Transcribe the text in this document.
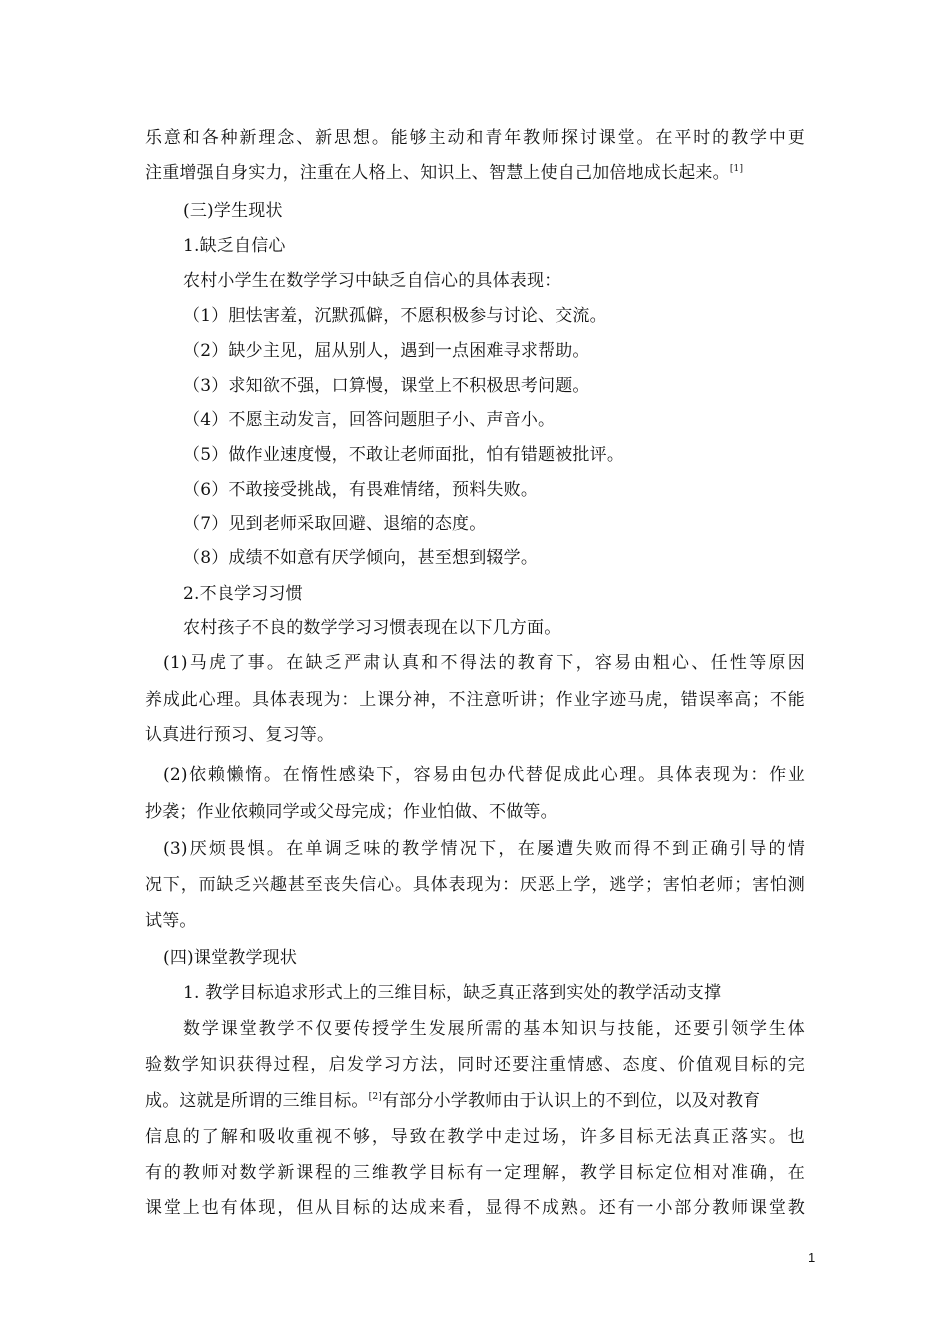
乐意和各种新理念、新思想。能够主动和青年教师探讨课堂。在平时的教学中更
注重增强自身实力，注重在人格上、知识上、智慧上使自己加倍地成长起来。[1]
(三)学生现状
1.缺乏自信心
农村小学生在数学学习中缺乏自信心的具体表现：
（1）胆怯害羞，沉默孤僻，不愿积极参与讨论、交流。
（2）缺少主见，屈从别人，遇到一点困难寻求帮助。
（3）求知欲不强，口算慢，课堂上不积极思考问题。
（4）不愿主动发言，回答问题胆子小、声音小。
（5）做作业速度慢，不敢让老师面批，怕有错题被批评。
（6）不敢接受挑战，有畏难情绪，预料失败。
（7）见到老师采取回避、退缩的态度。
（8）成绩不如意有厌学倾向，甚至想到辍学。
2.不良学习习惯
农村孩子不良的数学学习习惯表现在以下几方面。
(1)马虎了事。在缺乏严肃认真和不得法的教育下，容易由粗心、任性等原因
养成此心理。具体表现为：上课分神，不注意听讲；作业字迹马虎，错误率高；不能
认真进行预习、复习等。
(2)依赖懒惰。在惰性感染下，容易由包办代替促成此心理。具体表现为：作业
抄袭；作业依赖同学或父母完成；作业怕做、不做等。
(3)厌烦畏惧。在单调乏味的教学情况下，在屡遭失败而得不到正确引导的情
况下，而缺乏兴趣甚至丧失信心。具体表现为：厌恶上学，逃学；害怕老师；害怕测
试等。
(四)课堂教学现状
1. 教学目标追求形式上的三维目标，缺乏真正落到实处的教学活动支撑
数学课堂教学不仅要传授学生发展所需的基本知识与技能，还要引领学生体
验数学知识获得过程，启发学习方法，同时还要注重情感、态度、价值观目标的完
成。这就是所谓的三维目标。[2]有部分小学教师由于认识上的不到位，以及对教育
信息的了解和吸收重视不够，导致在教学中走过场，许多目标无法真正落实。也
有的教师对数学新课程的三维教学目标有一定理解，教学目标定位相对准确，在
课堂上也有体现，但从目标的达成来看，显得不成熟。还有一小部分教师课堂教
1
